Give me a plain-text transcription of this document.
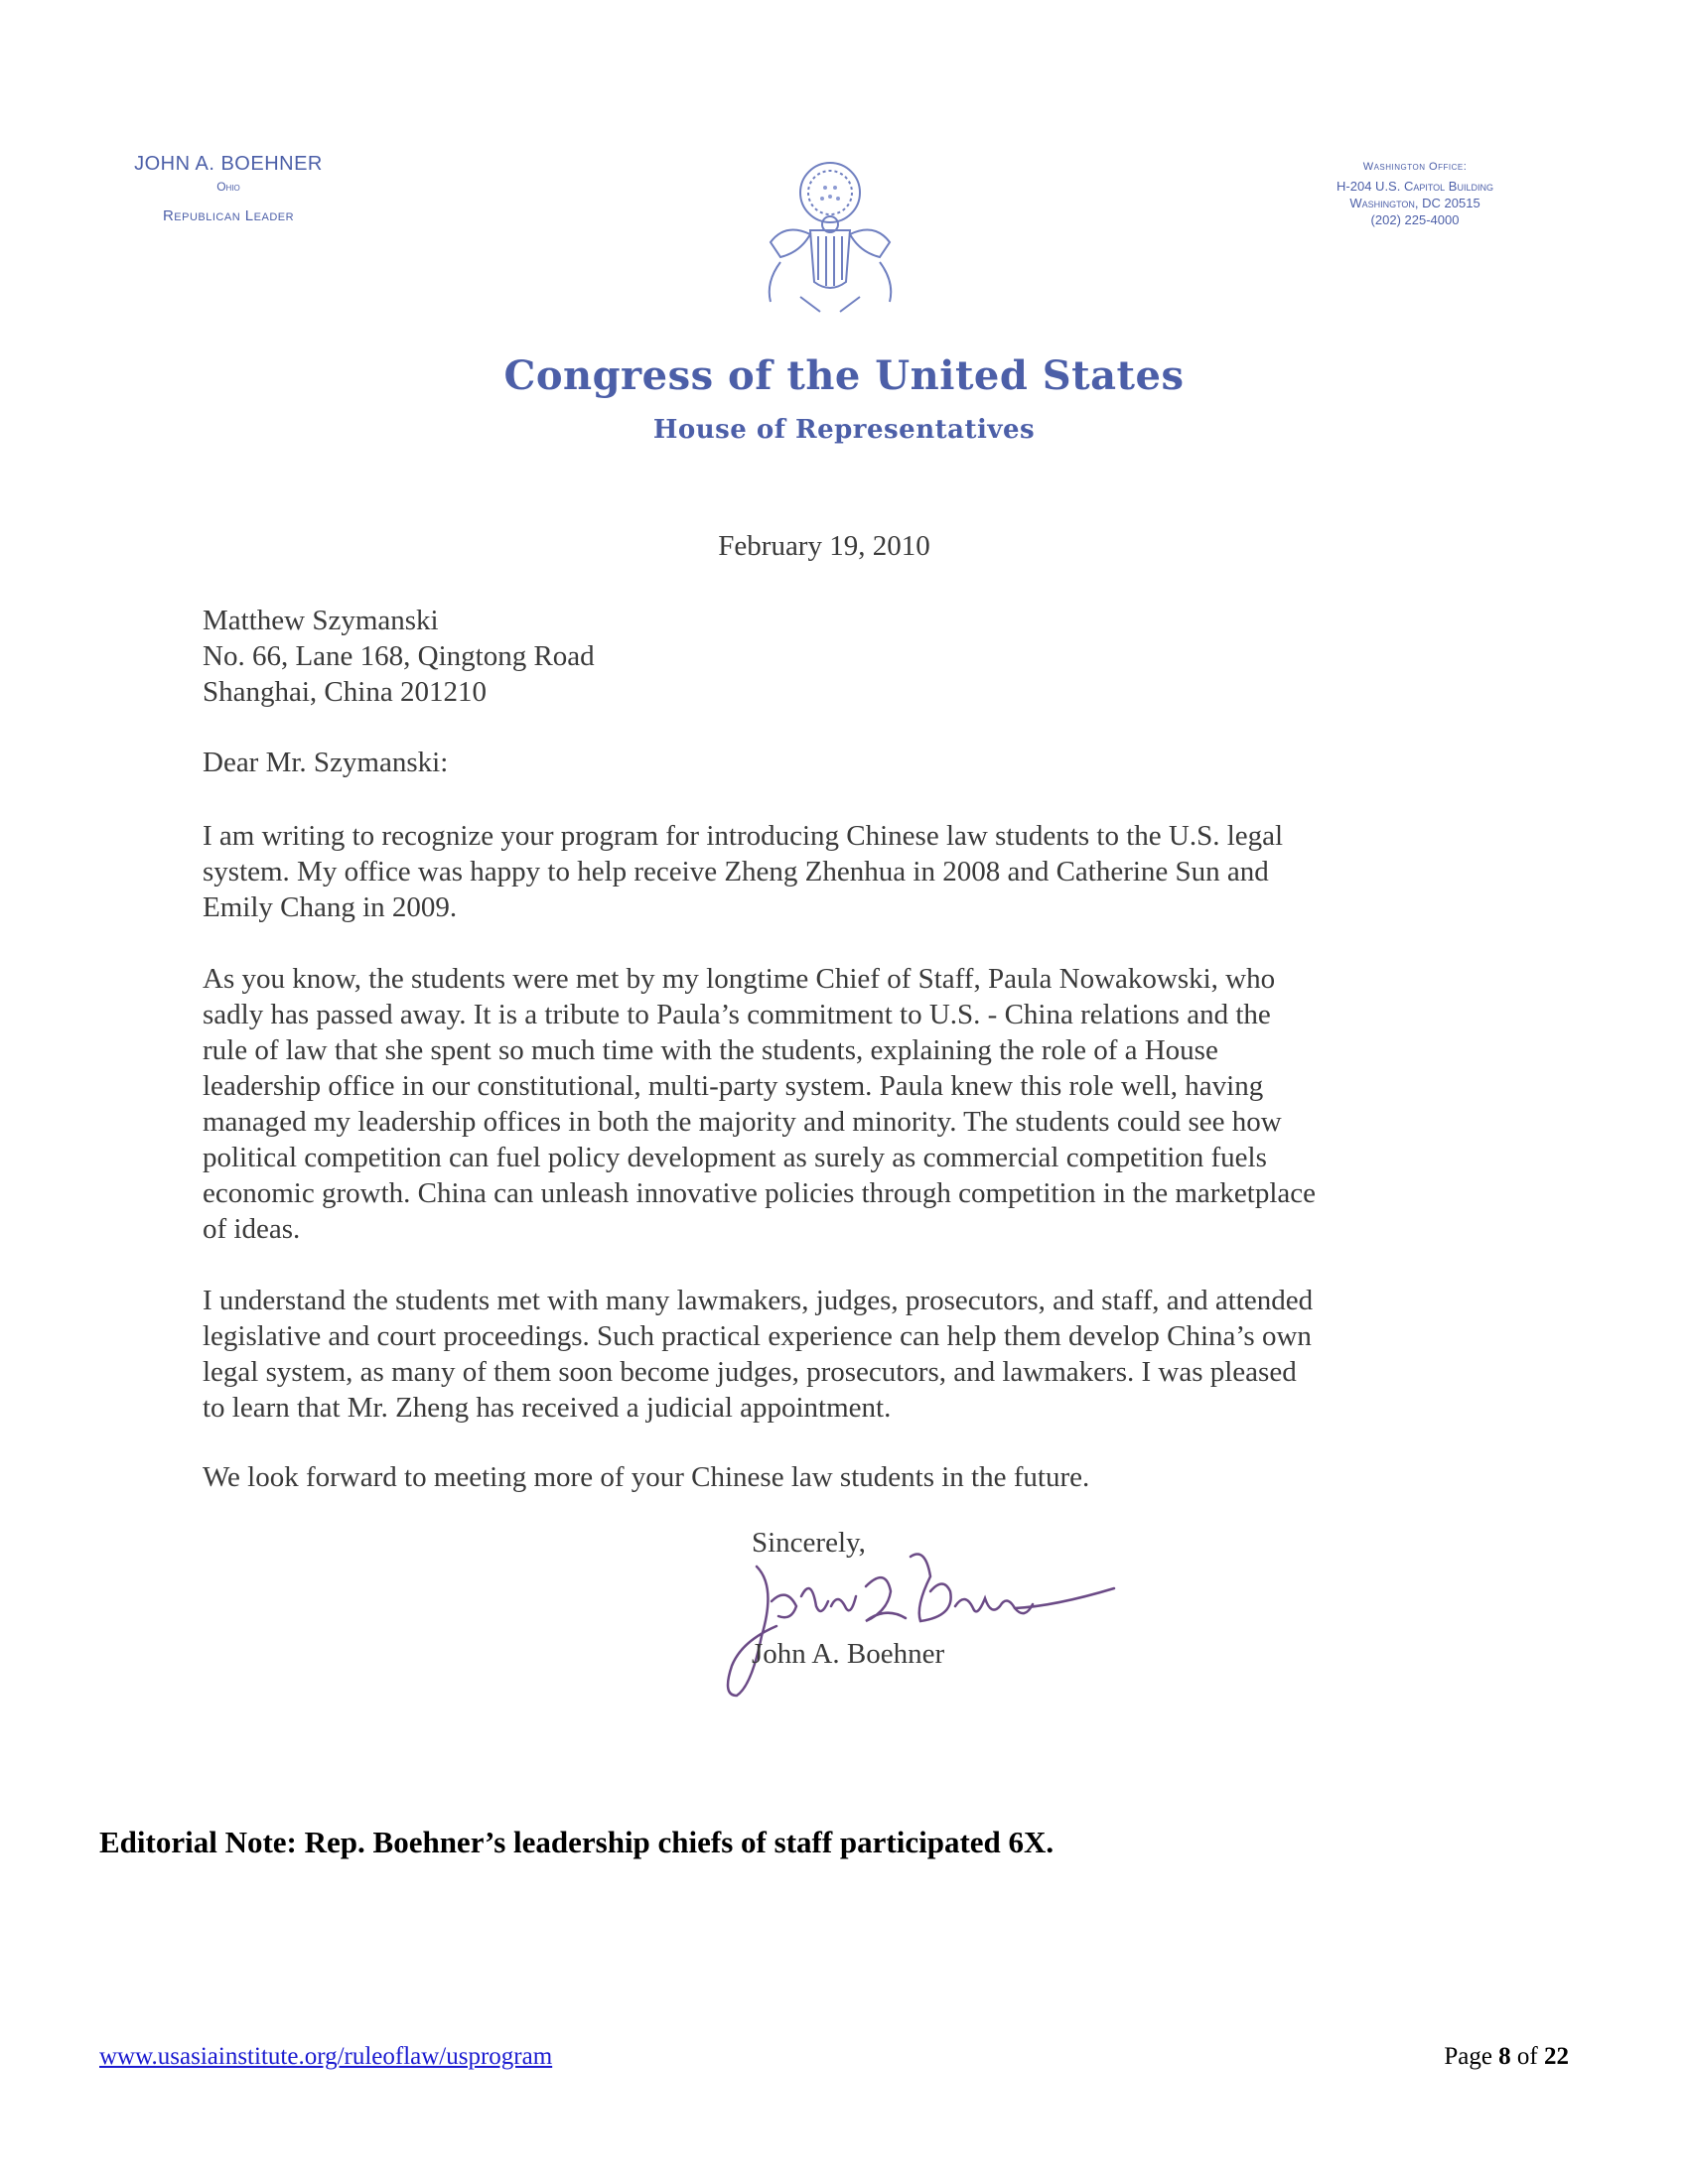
JOHN A. BOEHNER
Ohio
Republican Leader
Washington Office:
H-204 U.S. Capitol Building
Washington, DC 20515
(202) 225-4000
Congress of the United States
House of Representatives
February 19, 2010
Matthew Szymanski
No. 66, Lane 168, Qingtong Road
Shanghai, China 201210
Dear Mr. Szymanski:
I am writing to recognize your program for introducing Chinese law students to the U.S. legal
system. My office was happy to help receive Zheng Zhenhua in 2008 and Catherine Sun and
Emily Chang in 2009.
As you know, the students were met by my longtime Chief of Staff, Paula Nowakowski, who
sadly has passed away. It is a tribute to Paula’s commitment to U.S. - China relations and the
rule of law that she spent so much time with the students, explaining the role of a House
leadership office in our constitutional, multi-party system. Paula knew this role well, having
managed my leadership offices in both the majority and minority. The students could see how
political competition can fuel policy development as surely as commercial competition fuels
economic growth. China can unleash innovative policies through competition in the marketplace
of ideas.
I understand the students met with many lawmakers, judges, prosecutors, and staff, and attended
legislative and court proceedings. Such practical experience can help them develop China’s own
legal system, as many of them soon become judges, prosecutors, and lawmakers. I was pleased
to learn that Mr. Zheng has received a judicial appointment.
We look forward to meeting more of your Chinese law students in the future.
Sincerely,
John A. Boehner
Editorial Note: Rep. Boehner’s leadership chiefs of staff participated 6X.
www.usasiainstitute.org/ruleoflaw/usprogram	Page 8 of 22
